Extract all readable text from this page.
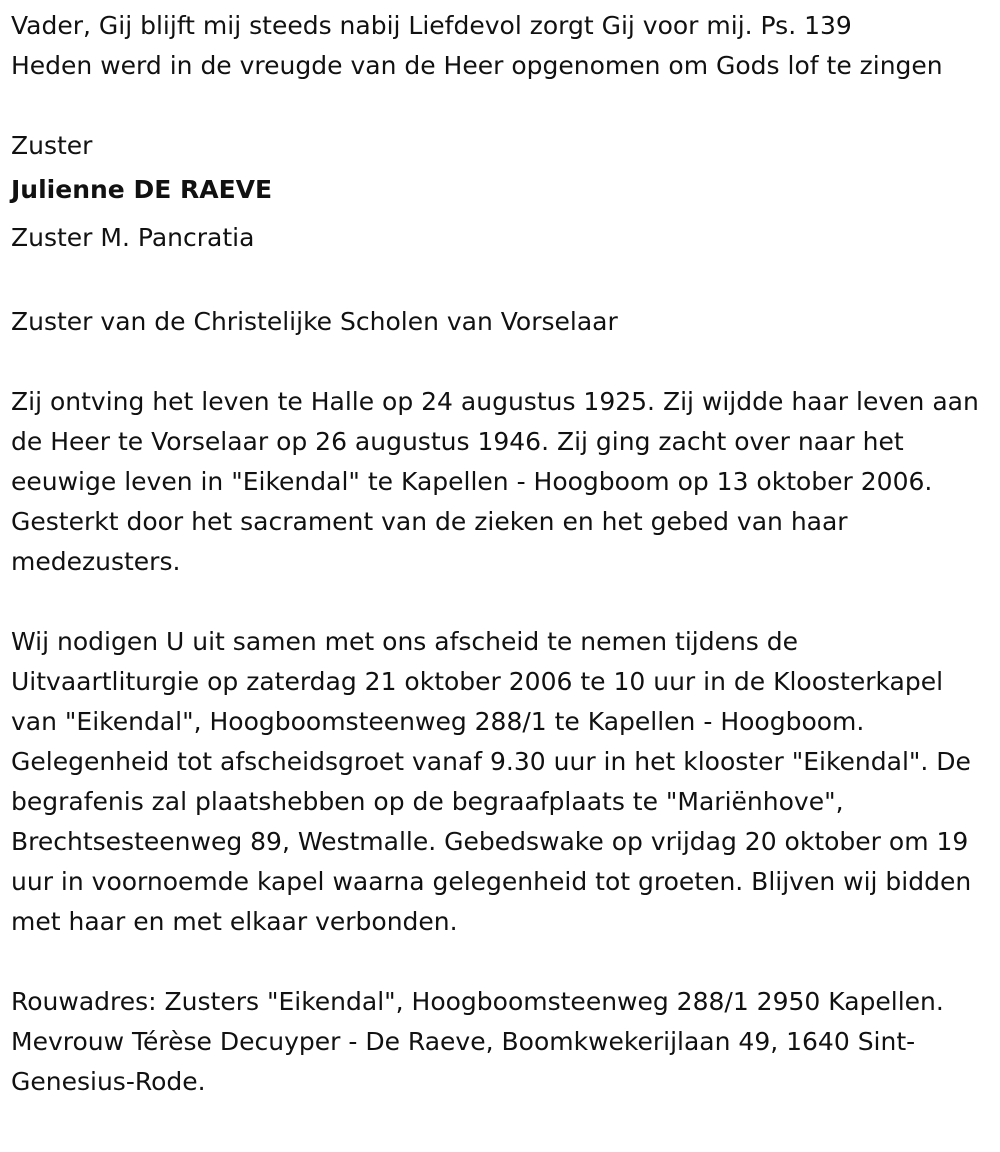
Vader, Gij blijft mij steeds nabij Liefdevol zorgt Gij voor mij. Ps. 139

Heden werd in de vreugde van de Heer opgenomen om Gods lof te zingen

Zuster

Julienne DE RAEVE

Zuster M. Pancratia

Zuster van de Christelijke Scholen van Vorselaar

Zij ontving het leven te Halle op 24 augustus 1925. Zij wijdde haar leven aan de Heer te Vorselaar op 26 augustus 1946. Zij ging zacht over naar het eeuwige leven in "Eikendal" te Kapellen - Hoogboom op 13 oktober 2006. Gesterkt door het sacrament van de zieken en het gebed van haar medezusters.

Wij nodigen U uit samen met ons afscheid te nemen tijdens de Uitvaartliturgie op zaterdag 21 oktober 2006 te 10 uur in de Kloosterkapel van "Eikendal", Hoogboomsteenweg 288/1 te Kapellen - Hoogboom. Gelegenheid tot afscheidsgroet vanaf 9.30 uur in het klooster "Eikendal". De begrafenis zal plaatshebben op de begraafplaats te "Mariënhove", Brechtsesteenweg 89, Westmalle. Gebedswake op vrijdag 20 oktober om 19 uur in voornoemde kapel waarna gelegenheid tot groeten. Blijven wij bidden met haar en met elkaar verbonden.

Rouwadres: Zusters "Eikendal", Hoogboomsteenweg 288/1 2950 Kapellen.

Mevrouw Térèse Decuyper - De Raeve, Boomkwekerijlaan 49, 1640 Sint-Genesius-Rode.
